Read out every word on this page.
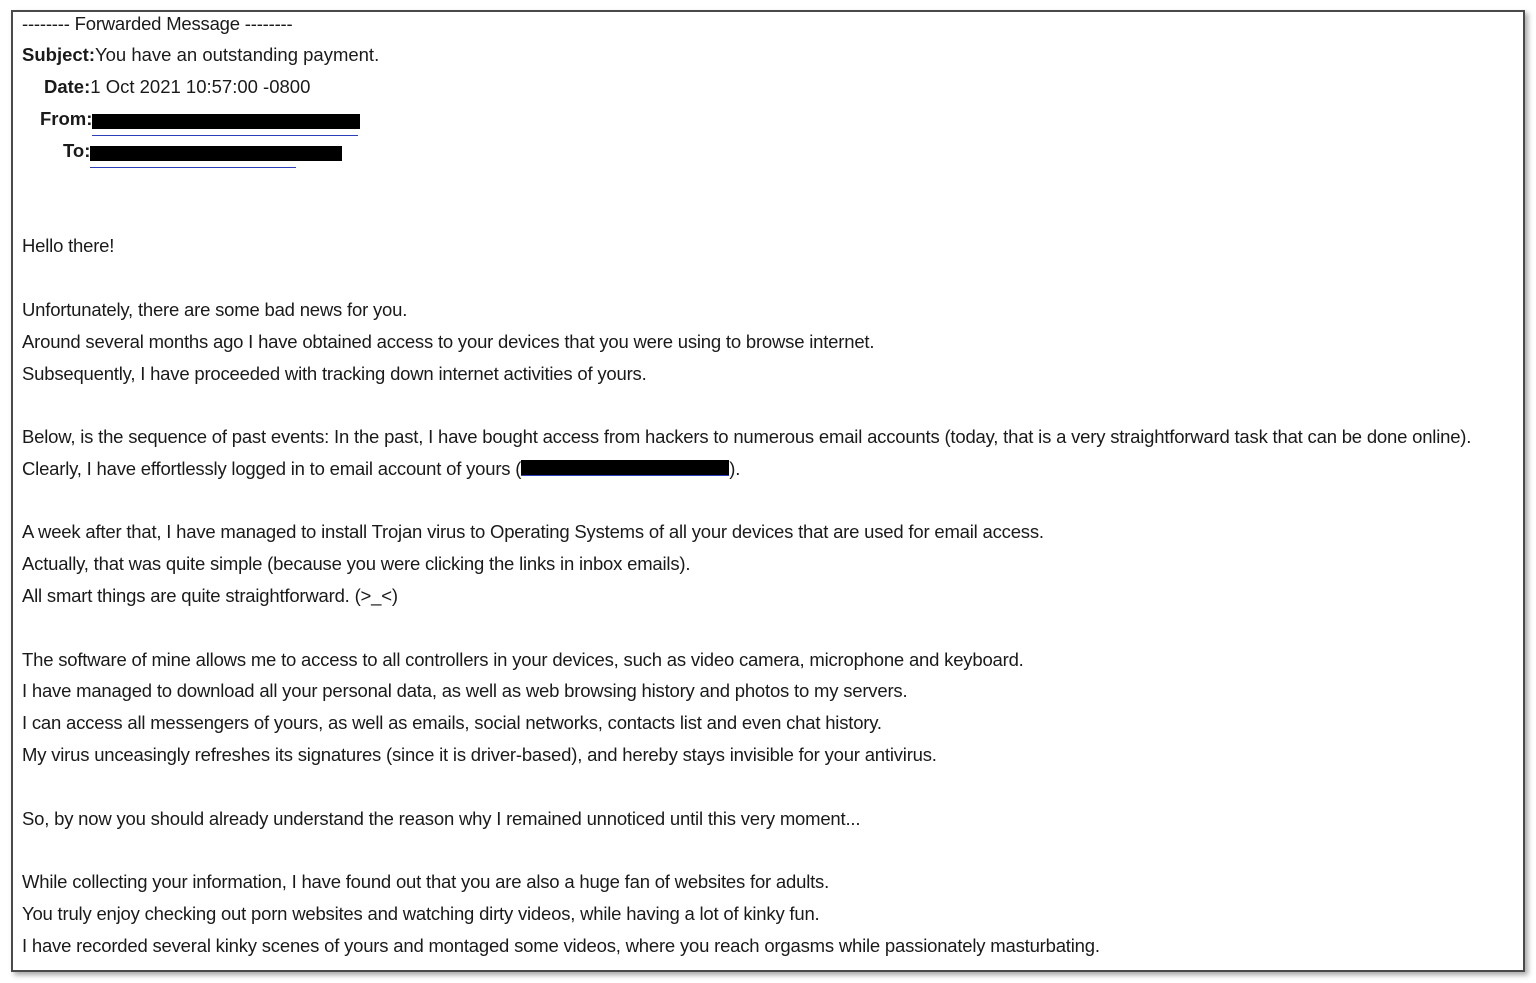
-------- Forwarded Message --------
Subject:You have an outstanding payment.
Date:1 Oct 2021 10:57:00 -0800
From:
To:
Hello there!
Unfortunately, there are some bad news for you.
Around several months ago I have obtained access to your devices that you were using to browse internet.
Subsequently, I have proceeded with tracking down internet activities of yours.
Below, is the sequence of past events: In the past, I have bought access from hackers to numerous email accounts (today, that is a very straightforward task that can be done online).
Clearly, I have effortlessly logged in to email account of yours (	).
A week after that, I have managed to install Trojan virus to Operating Systems of all your devices that are used for email access.
Actually, that was quite simple (because you were clicking the links in inbox emails).
All smart things are quite straightforward. (>_<)
The software of mine allows me to access to all controllers in your devices, such as video camera, microphone and keyboard.
I have managed to download all your personal data, as well as web browsing history and photos to my servers.
I can access all messengers of yours, as well as emails, social networks, contacts list and even chat history.
My virus unceasingly refreshes its signatures (since it is driver-based), and hereby stays invisible for your antivirus.
So, by now you should already understand the reason why I remained unnoticed until this very moment...
While collecting your information, I have found out that you are also a huge fan of websites for adults.
You truly enjoy checking out porn websites and watching dirty videos, while having a lot of kinky fun.
I have recorded several kinky scenes of yours and montaged some videos, where you reach orgasms while passionately masturbating.
